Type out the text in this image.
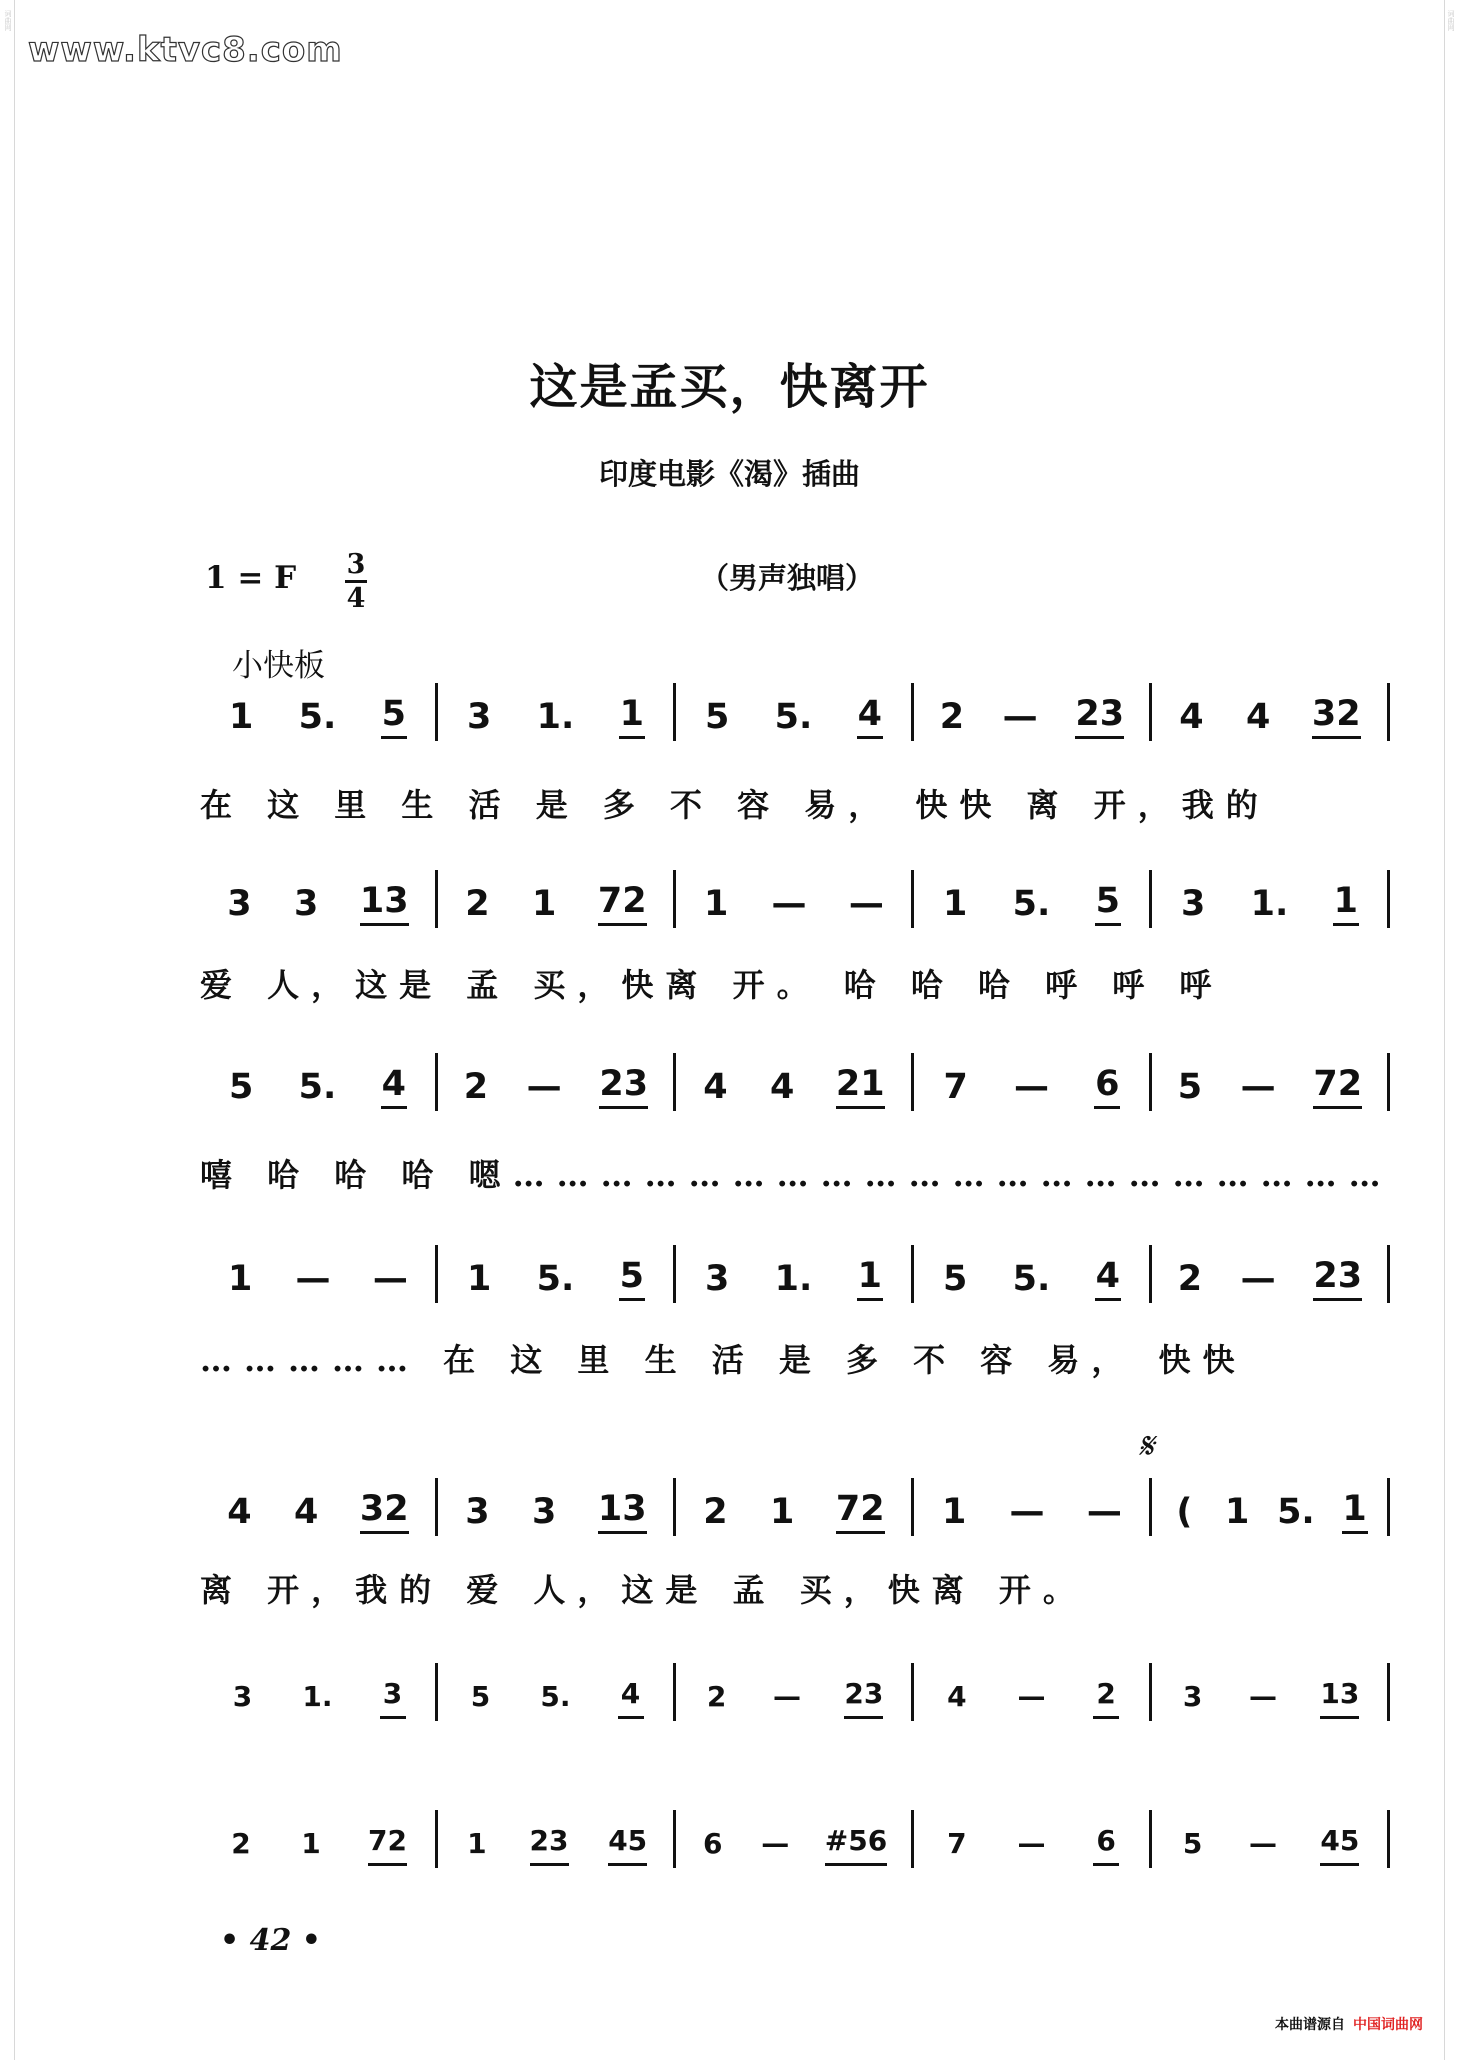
词曲网	词曲网
www.ktvc8.com
这是孟买，快离开
印度电影《渴》插曲
1 = F 3
4
（男声独唱）
小快板
1 5. 5 3 1. 1 5 5. 4 2 — 23 4 4 32
在 这 里 生 活 是 多 不 容 易， 快快 离 开，我的
3 3 13 2 1 72 1 — — 1 5. 5 3 1. 1
爱 人，这是 孟 买，快离 开。 哈 哈 哈 呼 呼 呼
5 5. 4 2 — 23 4 4 21 7 — 6 5 — 72
嘻 哈 哈 哈 嗯……………………………………………………
1 — — 1 5. 5 3 1. 1 5 5. 4 2 — 23
…………… 在 这 里 生 活 是 多 不 容 易， 快快
𝄋
4 4 32 3 3 13 2 1 72 1 — — ( 1 5. 1
离 开，我的 爱 人，这是 孟 买，快离 开。
3 1. 3 5 5. 4 2 — 23 4 — 2 3 — 13
2 1 72 1 23 45 6 — #56 7 — 6 5 — 45
• 42 •
本曲谱源自 中国词曲网
